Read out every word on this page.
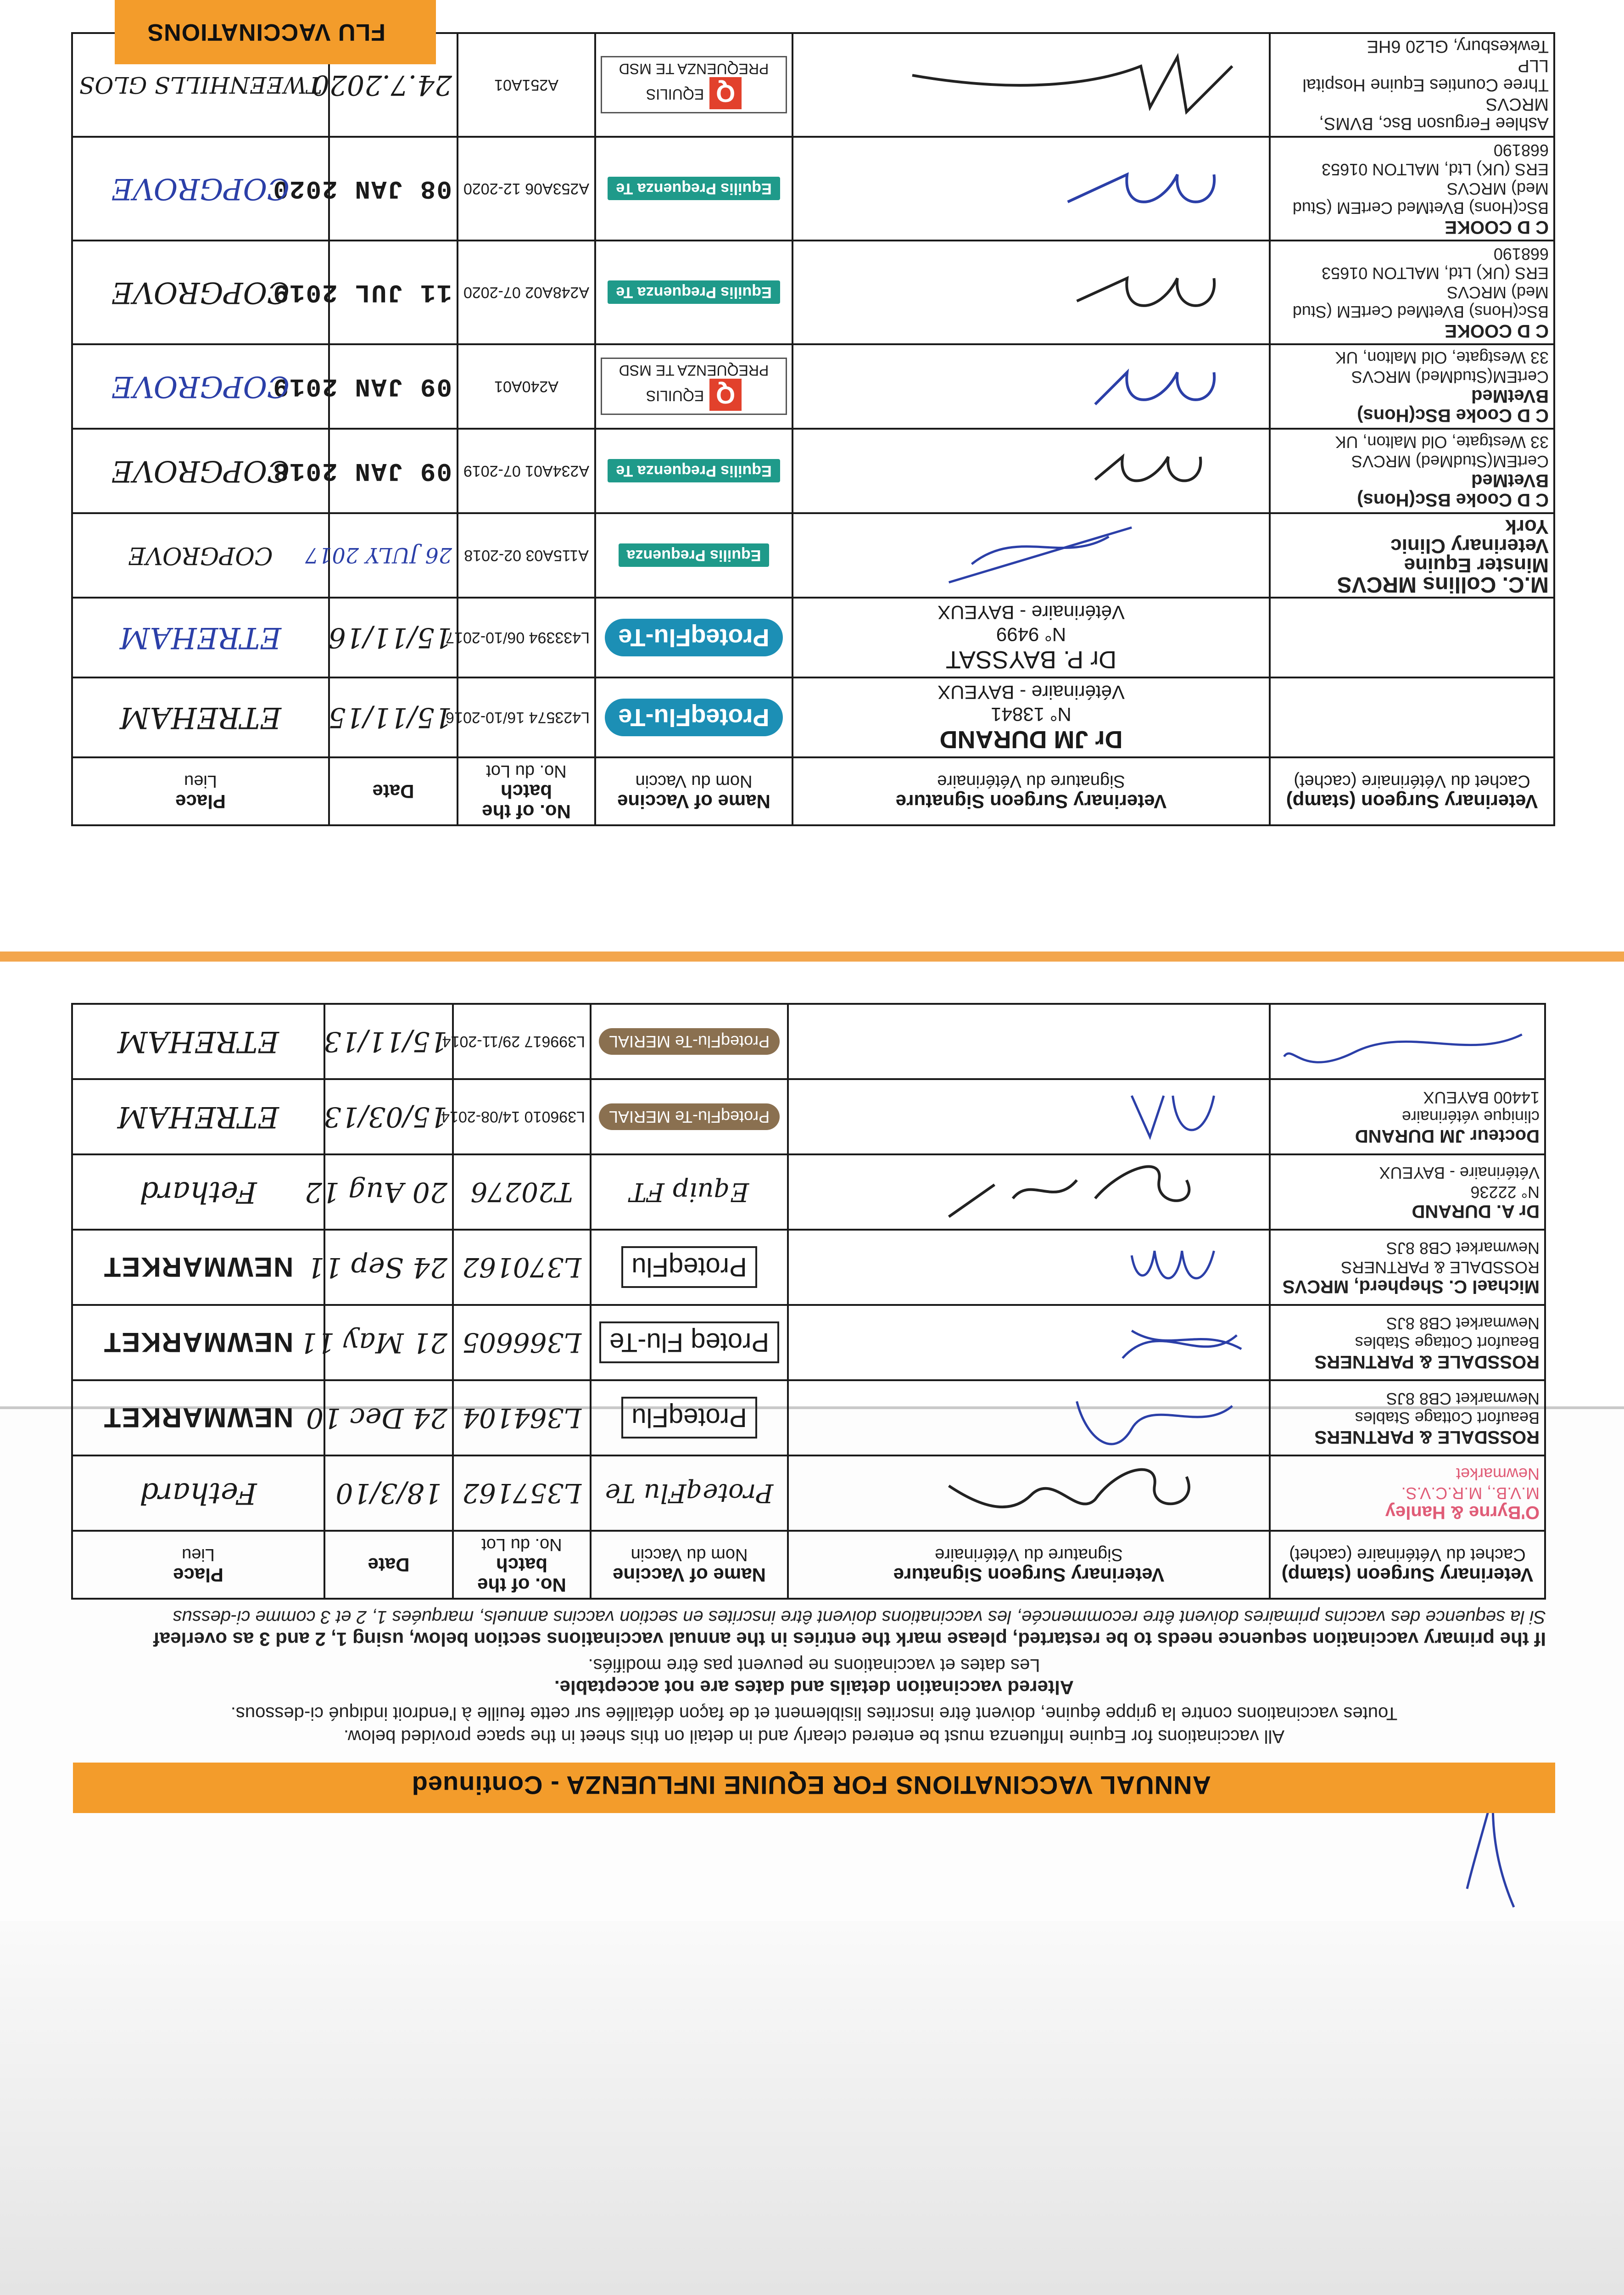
ANNUAL VACCINATIONS FOR EQUINE INFLUENZA - Continued
All vaccinations for Equine Influenza must be entered clearly and in detail on this sheet in the space provided below.
Toutes vaccinations contre la grippe équine, doivent être inscrites lisiblement et de façon détaillée sur cette feuille à l'endroit indiqué ci-dessous.
Altered vaccination details and dates are not acceptable.
Les dates et vaccinations ne peuvent pas être modifiés.
If the primary vaccination sequence needs to be restarted, please mark the entries in the annual vaccinations section below, using 1, 2 and 3 as overleaf
Si la sequence des vaccins primaires doivent être recommencée, les vaccinations doivent être inscrites en section vaccins annuels, marquées 1, 2 et 3 comme ci-dessus
Veterinary Surgeon (stamp)
Cachet du Vétérinaire (cachet)	Veterinary Surgeon Signature
Signature du Vétérinaire	Name of Vaccine
Nom du Vaccin	No. of the batch
No. du Lot	Date	Place
Lieu

O'Byrne & Hanley
M.V.B., M.R.C.V.S.
Newmarket		ProteqFlu Te	L357162	18/3/10	Fethard

ROSSDALE & PARTNERS
Beaufort Cottage Stables
Newmarket CB8 8JS		ProteqFlu	L364104	24 Dec 10	NEWMARKET

ROSSDALE & PARTNERS
Beaufort Cottage Stables
Newmarket CB8 8JS		Proteq Flu-Te	L366605	21 May 11	NEWMARKET

Michael C. Shepherd, MRCVS
ROSSDALE & PARTNERS
Newmarket CB8 8JS		ProteqFlu	L370162	24 Sep 11	NEWMARKET

Dr A. DURAND
N° 22236
Vétérinaire - BAYEUX		Equip FT	T20276	20 Aug 12	Fethard

Docteur JM DURAND
clinique vétérinaire
14400 BAYEUX		ProteqFlu-Te MERIAL	L396010 14/08-2014	15/03/13	ETREHAM
		ProteqFlu-Te MERIAL	L399617 29/11-2014	15/11/13	ETREHAM
Veterinary Surgeon (stamp)
Cachet du Vétérinaire (cachet)	Veterinary Surgeon Signature
Signature du Vétérinaire	Name of Vaccine
Nom du Vaccin	No. of the batch
No. du Lot	Date	Place
Lieu

	Dr JM DURAND
N° 13841
Vétérinaire - BAYEUX	ProteqFlu-Te	L423574 16/10-2016	15/11/15	ETREHAM

	Dr P. BAYSSAT
N° 9499
Vétérinaire - BAYEUX	ProteqFlu-Te	L433394 06/10-2017	15/11/16	ETREHAM

M.C. Collins MRCVS
Minster Equine
Veterinary Clinic
York		Equilis Prequenza	A115A03 02-2018	26 JULY 2017	COPGROVE

C D Cooke BSc(Hons) BVetMed
CertEM(StudMed) MRCVS
33 Westgate, Old Malton, UK		Equilis Prequenza Te	A234A01 07-2019	09 JAN 2018	COPGROVE

C D Cooke BSc(Hons) BVetMed
CertEM(StudMed) MRCVS
33 Westgate, Old Malton, UK		QEQUILIS PREQUENZA TE MSD	A240A01	09 JAN 2019	COPGROVE

C D COOKE
BSc(Hons) BVetMed CertEM (Stud Med) MRCVS
ERS (UK) Ltd, MALTON 01653 668190		Equilis Prequenza Te	A248A02 07-2020	11 JUL 2019	COPGROVE

C D COOKE
BSc(Hons) BVetMed CertEM (Stud Med) MRCVS
ERS (UK) Ltd, MALTON 01653 668190		Equilis Prequenza Te	A253A06 12-2020	08 JAN 2020	COPGROVE

Ashlee Ferguson Bsc, BVMS, MRCVS
Three Counties Equine Hospital LLP
Tewkesbury, GL20 6HE		QEQUILIS PREQUENZA TE MSD	A251A01	24.7.2020	TWEENHILLS GLOS
FLU VACCINATIONS
